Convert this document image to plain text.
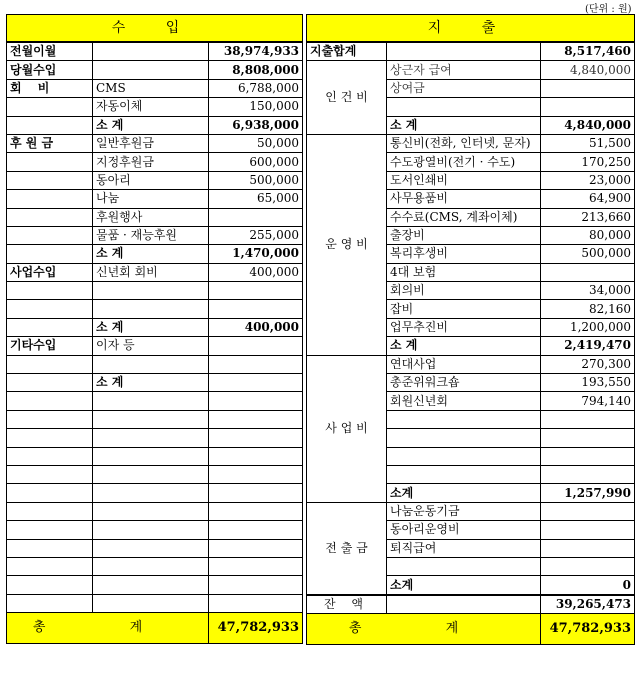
(단위 : 원)
수 입		
전월이월		38,974,933
당월수입		8,808,000
회 비	CMS	6,788,000
	자동이체	150,000
	소 계	6,938,000
후 원 금	일반후원금	50,000
	지정후원금	600,000
	동아리	500,000
	나눔	65,000
	후원행사	
	물품 · 재능후원	255,000
	소 계	1,470,000
사업수입	신년회 회비	400,000

	소 계	400,000
기타수입	이자 등	

	소 계	

총 계		47,782,933
지 출		
지출합계		8,517,460
인 건 비	상근자 급여	4,840,000
	상여금	

	소 계	4,840,000
운 영 비	통신비(전화, 인터넷, 문자)	51,500
	수도광열비(전기 · 수도)	170,250
	도서인쇄비	23,000
	사무용품비	64,900
	수수료(CMS, 계좌이체)	213,660
	출장비	80,000
	복리후생비	500,000
	4대 보험	
	회의비	34,000
	잡비	82,160
	업무추진비	1,200,000
	소 계	2,419,470
사 업 비	연대사업	270,300
	총준위워크숍	193,550
	회원신년회	794,140

	소계	1,257,990
전 출 금	나눔운동기금	
	동아리운영비	
	퇴직급여	

	소계	0
잔 액		39,265,473
총 계		47,782,933
